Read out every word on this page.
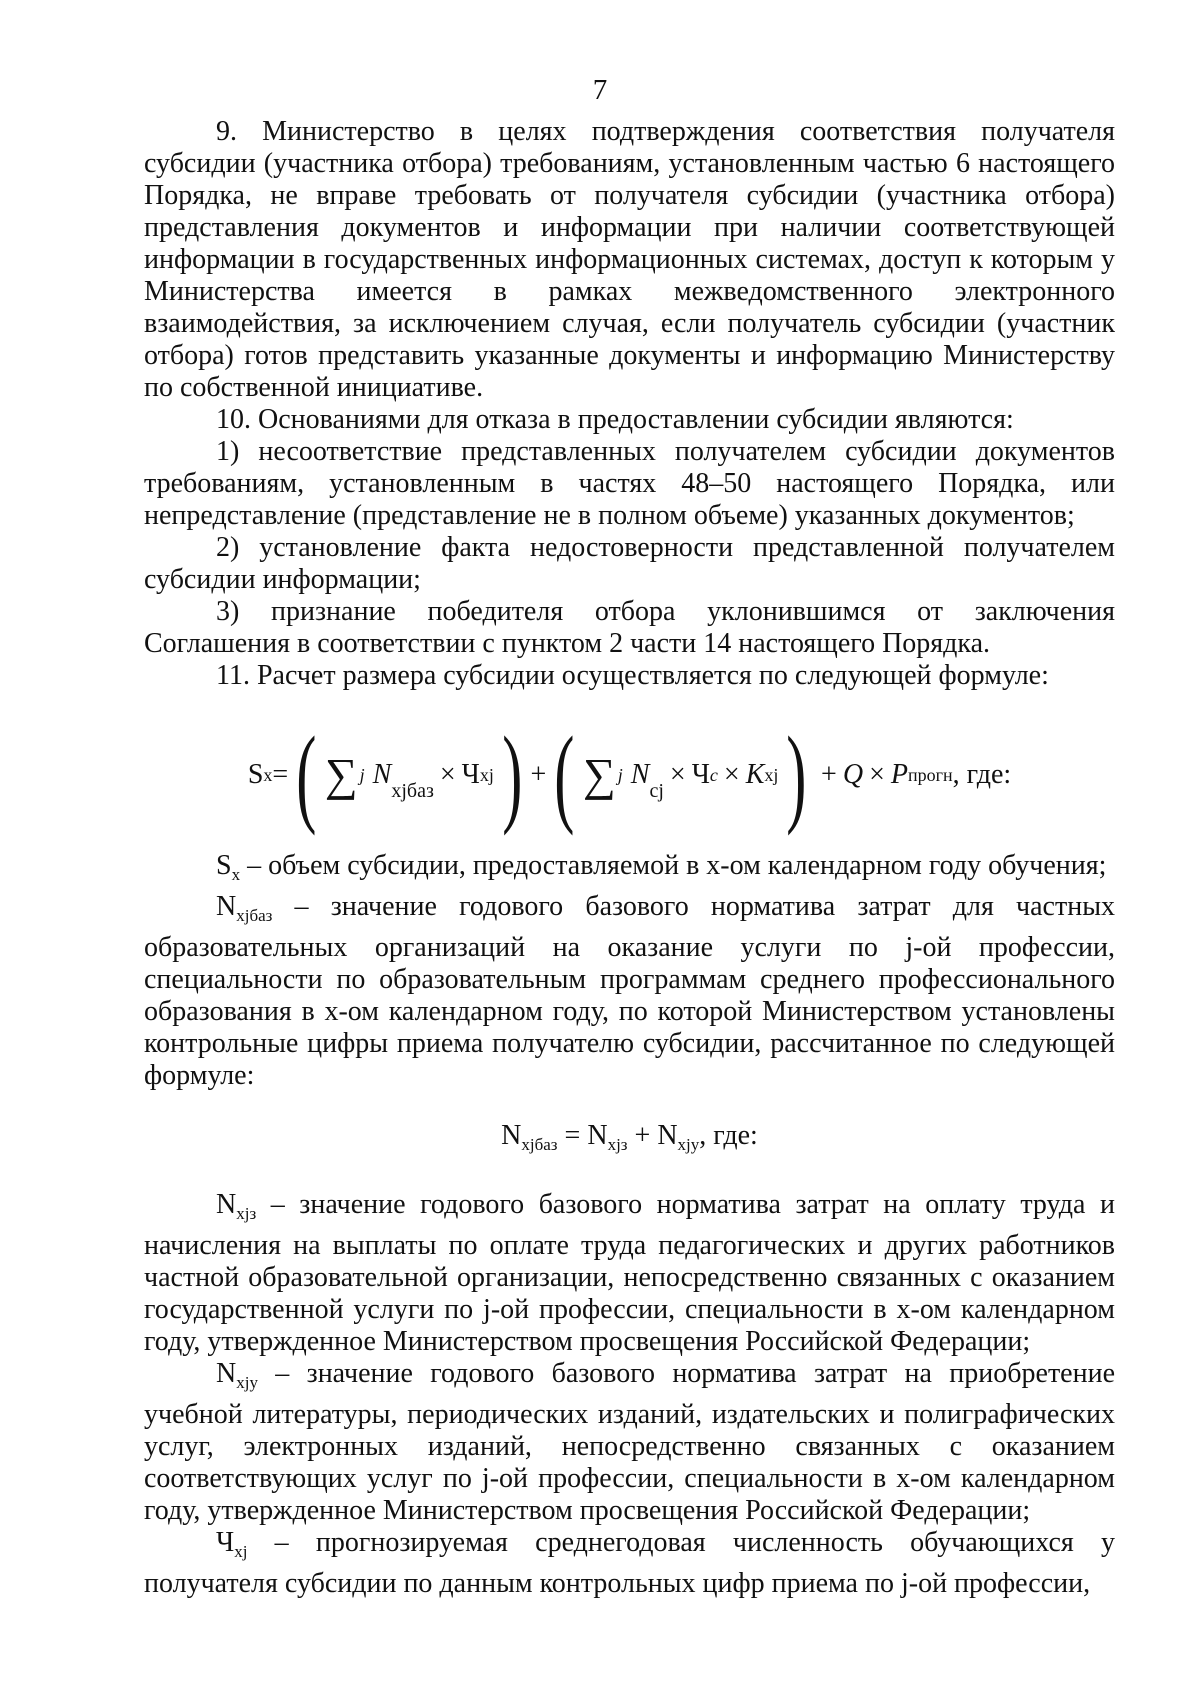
7

9. Министерство в целях подтверждения соответствия получателя субсидии (участника отбора) требованиям, установленным частью 6 настоящего Порядка, не вправе требовать от получателя субсидии (участника отбора) представления документов и информации при наличии соответствующей информации в государственных информационных системах, доступ к которым у Министерства имеется в рамках межведомственного электронного взаимодействия, за исключением случая, если получатель субсидии (участник отбора) готов представить указанные документы и информацию Министерству по собственной инициативе.

10. Основаниями для отказа в предоставлении субсидии являются:

1) несоответствие представленных получателем субсидии документов требованиям, установленным в частях 48–50 настоящего Порядка, или непредставление (представление не в полном объеме) указанных документов;

2) установление факта недостоверности представленной получателем субсидии информации;

3) признание победителя отбора уклонившимся от заключения Соглашения в соответствии с пунктом 2 части 14 настоящего Порядка.

11. Расчет размера субсидии осуществляется по следующей формуле:

S x = ( ∑ j N
xjбаз
× Ч xj ) + ( ∑ j N
cj
× Ч c × K xj ) + Q × P прогн , где:

$S_x$ – объем субсидии, предоставляемой в x-ом календарном году обучения;

$N_{xjбаз}$ – значение годового базового норматива затрат для частных образовательных организаций на оказание услуги по j-ой профессии, специальности по образовательным программам среднего профессионального образования в x-ом календарном году, по которой Министерством установлены контрольные цифры приема получателю субсидии, рассчитанное по следующей формуле:

$N_{xjбаз} = N_{xjз} + N_{xjу}$, где:

$N_{xjз}$ – значение годового базового норматива затрат на оплату труда и начисления на выплаты по оплате труда педагогических и других работников частной образовательной организации, непосредственно связанных с оказанием государственной услуги по j-ой профессии, специальности в x-ом календарном году, утвержденное Министерством просвещения Российской Федерации;

$N_{xjу}$ – значение годового базового норматива затрат на приобретение учебной литературы, периодических изданий, издательских и полиграфических услуг, электронных изданий, непосредственно связанных с оказанием соответствующих услуг по j-ой профессии, специальности в x-ом календарном году, утвержденное Министерством просвещения Российской Федерации;

$Ч_{xj}$ – прогнозируемая среднегодовая численность обучающихся у получателя субсидии по данным контрольных цифр приема по j-ой профессии,
